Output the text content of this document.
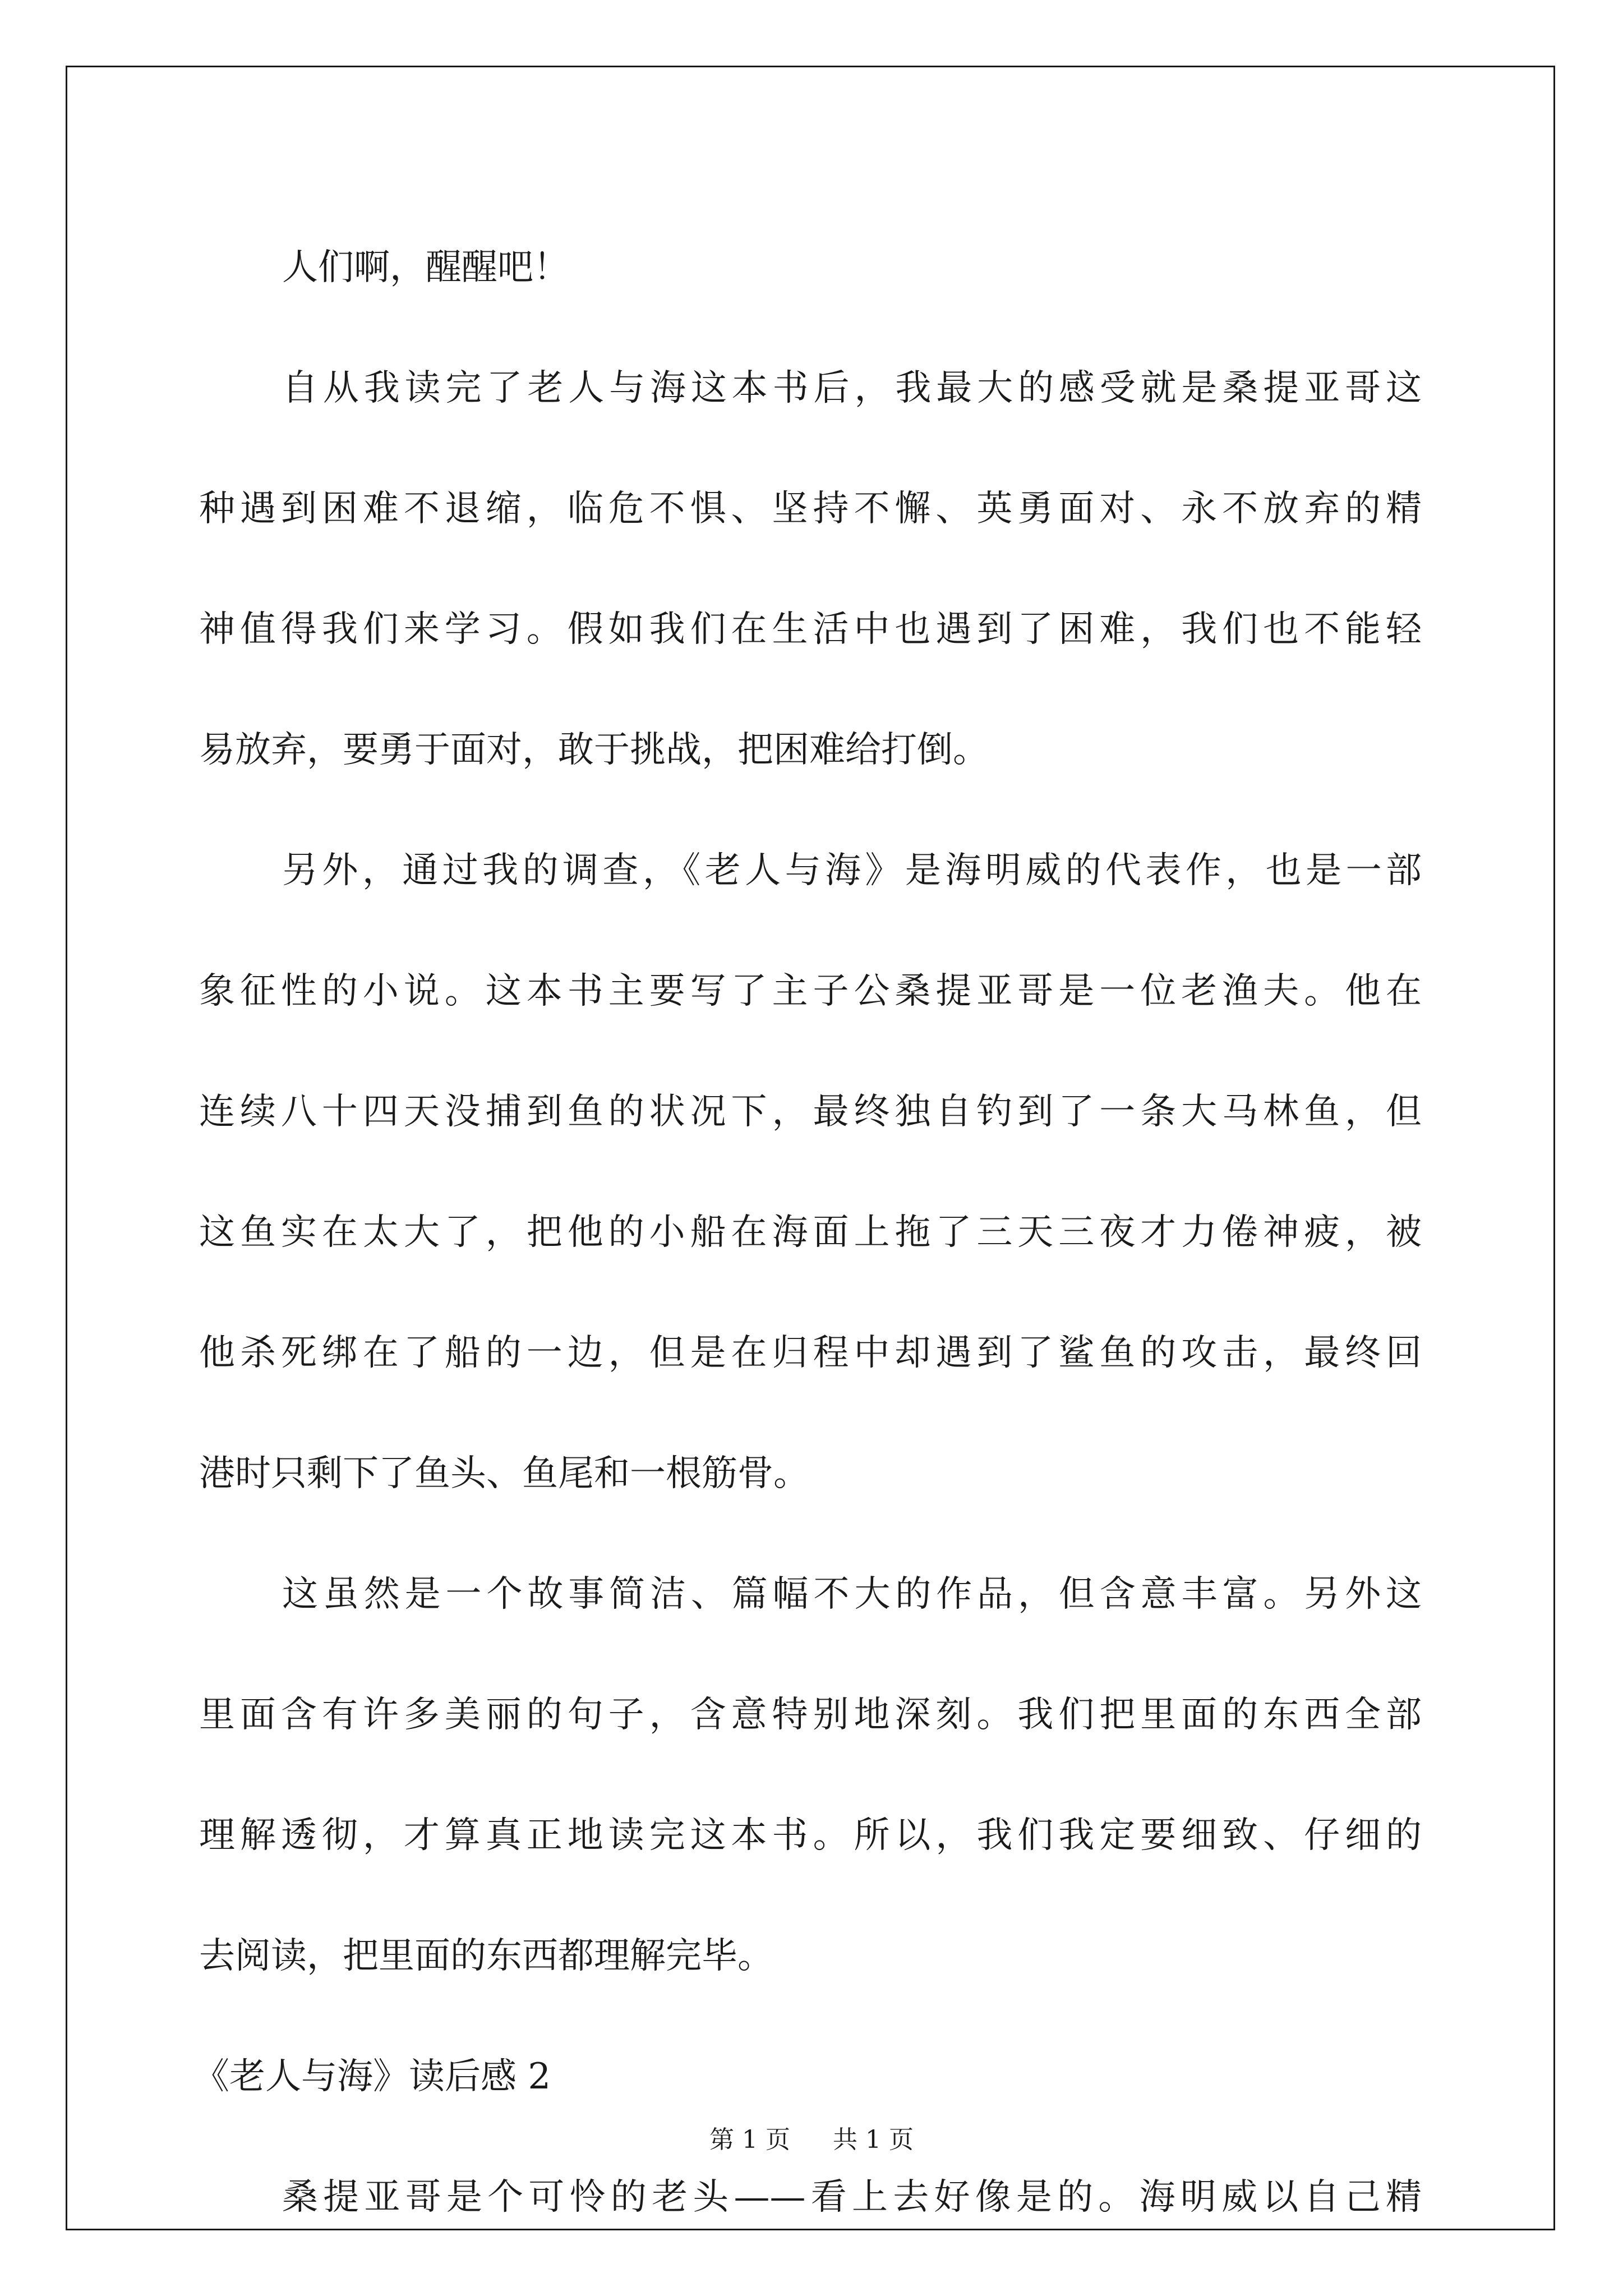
人们啊，醒醒吧！

自从我读完了老人与海这本书后，我最大的感受就是桑提亚哥这

种遇到困难不退缩，临危不惧、坚持不懈、英勇面对、永不放弃的精

神值得我们来学习。假如我们在生活中也遇到了困难，我们也不能轻

易放弃，要勇于面对，敢于挑战，把困难给打倒。

另外，通过我的调查，《老人与海》是海明威的代表作，也是一部

象征性的小说。这本书主要写了主子公桑提亚哥是一位老渔夫。他在

连续八十四天没捕到鱼的状况下，最终独自钓到了一条大马林鱼，但

这鱼实在太大了，把他的小船在海面上拖了三天三夜才力倦神疲，被

他杀死绑在了船的一边，但是在归程中却遇到了鲨鱼的攻击，最终回

港时只剩下了鱼头、鱼尾和一根筋骨。

这虽然是一个故事简洁、篇幅不大的作品，但含意丰富。另外这

里面含有许多美丽的句子，含意特别地深刻。我们把里面的东西全部

理解透彻，才算真正地读完这本书。所以，我们我定要细致、仔细的

去阅读，把里面的东西都理解完毕。

《老人与海》读后感 2

桑提亚哥是个可怜的老头——看上去好像是的。海明威以自己精

第 1 页 共 1 页
